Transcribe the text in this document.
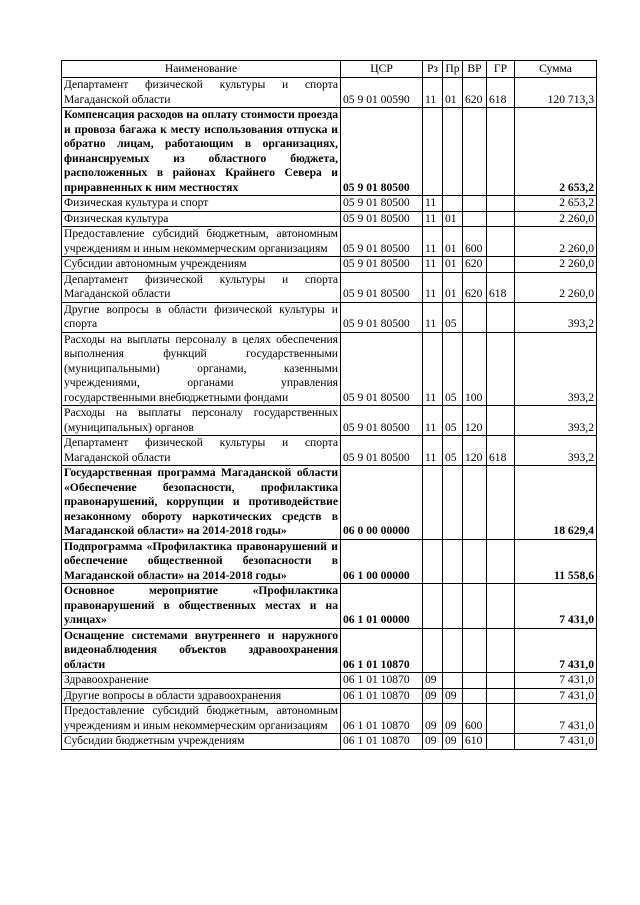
Наименование	ЦСР	Рз	Пр	ВР	ГР	Сумма
Департамент физической культуры и спорта Магаданской области	05 9 01 00590	11	01	620	618	120 713,3
Компенсация расходов на оплату стоимости проезда и провоза багажа к месту использования отпуска и обратно лицам, работающим в организациях, финансируемых из областного бюджета, расположенных в районах Крайнего Севера и приравненных к ним местностях	05 9 01 80500					2 653,2
Физическая культура и спорт	05 9 01 80500	11				2 653,2
Физическая культура	05 9 01 80500	11	01			2 260,0
Предоставление субсидий бюджетным, автономным учреждениям и иным некоммерческим организациям	05 9 01 80500	11	01	600		2 260,0
Субсидии автономным учреждениям	05 9 01 80500	11	01	620		2 260,0
Департамент физической культуры и спорта Магаданской области	05 9 01 80500	11	01	620	618	2 260,0
Другие вопросы в области физической культуры и спорта	05 9 01 80500	11	05			393,2
Расходы на выплаты персоналу в целях обеспечения выполнения функций государственными (муниципальными) органами, казенными учреждениями, органами управления государственными внебюджетными фондами	05 9 01 80500	11	05	100		393,2
Расходы на выплаты персоналу государственных (муниципальных) органов	05 9 01 80500	11	05	120		393,2
Департамент физической культуры и спорта Магаданской области	05 9 01 80500	11	05	120	618	393,2
Государственная программа Магаданской области «Обеспечение безопасности, профилактика правонарушений, коррупции и противодействие незаконному обороту наркотических средств в Магаданской области» на 2014-2018 годы»	06 0 00 00000					18 629,4
Подпрограмма «Профилактика правонарушений и обеспечение общественной безопасности в Магаданской области» на 2014-2018 годы»	06 1 00 00000					11 558,6
Основное мероприятие «Профилактика правонарушений в общественных местах и на улицах»	06 1 01 00000					7 431,0
Оснащение системами внутреннего и наружного видеонаблюдения объектов здравоохранения области	06 1 01 10870					7 431,0
Здравоохранение	06 1 01 10870	09				7 431,0
Другие вопросы в области здравоохранения	06 1 01 10870	09	09			7 431,0
Предоставление субсидий бюджетным, автономным учреждениям и иным некоммерческим организациям	06 1 01 10870	09	09	600		7 431,0
Субсидии бюджетным учреждениям	06 1 01 10870	09	09	610		7 431,0
